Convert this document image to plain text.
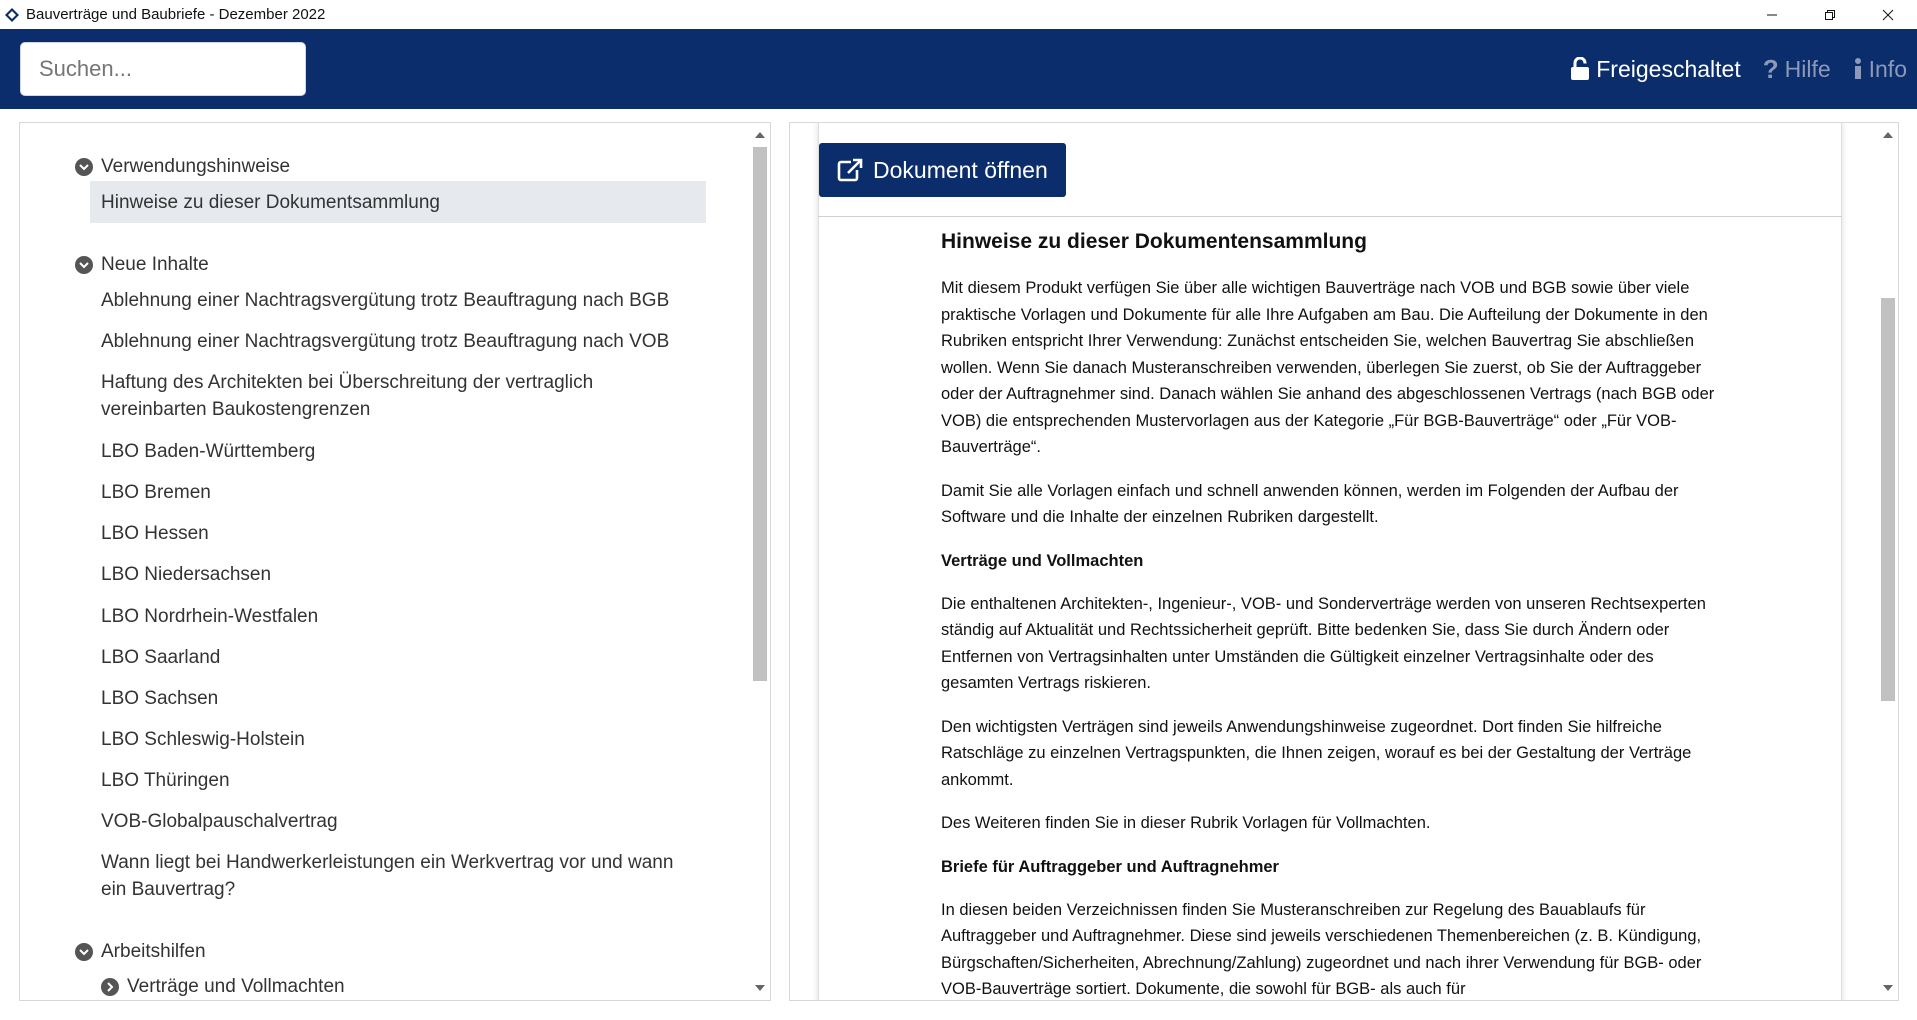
Bauverträge und Baubriefe - Dezember 2022
Suchen...
Freigeschaltet ? Hilfe Info
Verwendungshinweise
Hinweise zu dieser Dokumentsammlung
Neue Inhalte
Ablehnung einer Nachtragsvergütung trotz Beauftragung nach BGB
Ablehnung einer Nachtragsvergütung trotz Beauftragung nach VOB
Haftung des Architekten bei Überschreitung der vertraglich vereinbarten Baukostengrenzen
LBO Baden-Württemberg
LBO Bremen
LBO Hessen
LBO Niedersachsen
LBO Nordrhein-Westfalen
LBO Saarland
LBO Sachsen
LBO Schleswig-Holstein
LBO Thüringen
VOB-Globalpauschalvertrag
Wann liegt bei Handwerkerleistungen ein Werkvertrag vor und wann ein Bauvertrag?
Arbeitshilfen
Verträge und Vollmachten
Dokument öffnen
Hinweise zu dieser Dokumentensammlung

Mit diesem Produkt verfügen Sie über alle wichtigen Bauverträge nach VOB und BGB sowie über viele praktische Vorlagen und Dokumente für alle Ihre Aufgaben am Bau. Die Aufteilung der Dokumente in den Rubriken entspricht Ihrer Verwendung: Zunächst entscheiden Sie, welchen Bauvertrag Sie abschließen wollen. Wenn Sie danach Musteranschreiben verwenden, überlegen Sie zuerst, ob Sie der Auftraggeber oder der Auftragnehmer sind. Danach wählen Sie anhand des abgeschlossenen Vertrags (nach BGB oder VOB) die entsprechenden Mustervorlagen aus der Kategorie „Für BGB-Bauverträge“ oder „Für VOB-Bauverträge“.

Damit Sie alle Vorlagen einfach und schnell anwenden können, werden im Folgenden der Aufbau der Software und die Inhalte der einzelnen Rubriken dargestellt.

Verträge und Vollmachten

Die enthaltenen Architekten-, Ingenieur-, VOB- und Sonderverträge werden von unseren Rechtsexperten ständig auf Aktualität und Rechtssicherheit geprüft. Bitte bedenken Sie, dass Sie durch Ändern oder Entfernen von Vertragsinhalten unter Umständen die Gültigkeit einzelner Vertragsinhalte oder des gesamten Vertrags riskieren.

Den wichtigsten Verträgen sind jeweils Anwendungshinweise zugeordnet. Dort finden Sie hilfreiche Ratschläge zu einzelnen Vertragspunkten, die Ihnen zeigen, worauf es bei der Gestaltung der Verträge ankommt.

Des Weiteren finden Sie in dieser Rubrik Vorlagen für Vollmachten.

Briefe für Auftraggeber und Auftragnehmer

In diesen beiden Verzeichnissen finden Sie Musteranschreiben zur Regelung des Bauablaufs für Auftraggeber und Auftragnehmer. Diese sind jeweils verschiedenen Themenbereichen (z. B. Kündigung, Bürgschaften/Sicherheiten, Abrechnung/Zahlung) zugeordnet und nach ihrer Verwendung für BGB- oder VOB-Bauverträge sortiert. Dokumente, die sowohl für BGB- als auch für
